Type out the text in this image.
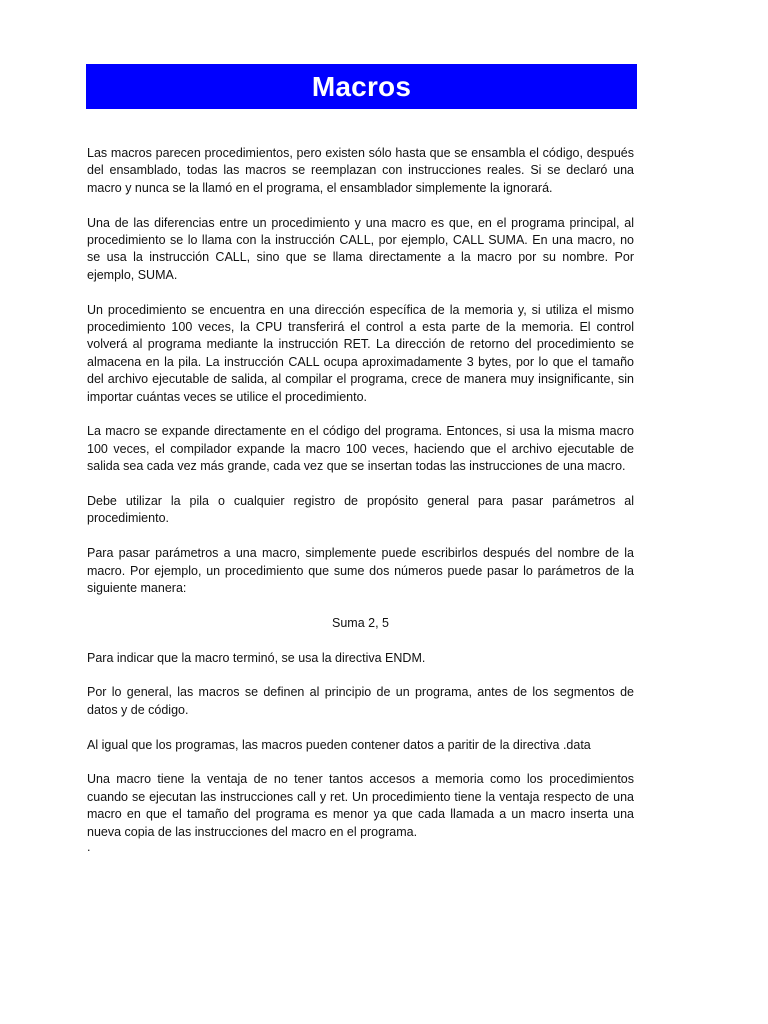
Macros

Las macros parecen procedimientos, pero existen sólo hasta que se ensambla el código, después del ensamblado, todas las macros se reemplazan con instrucciones reales. Si se declaró una macro y nunca se la llamó en el programa, el ensamblador simplemente la ignorará.

Una de las diferencias entre un procedimiento y una macro es que, en el programa principal, al procedimiento se lo llama con la instrucción CALL, por ejemplo, CALL SUMA. En una macro, no se usa la instrucción CALL, sino que se llama directamente a la macro por su nombre. Por ejemplo, SUMA.

Un procedimiento se encuentra en una dirección específica de la memoria y, si utiliza el mismo procedimiento 100 veces, la CPU transferirá el control a esta parte de la memoria. El control volverá al programa mediante la instrucción RET. La dirección de retorno del procedimiento se almacena en la pila. La instrucción CALL ocupa aproximadamente 3 bytes, por lo que el tamaño del archivo ejecutable de salida, al compilar el programa, crece de manera muy insignificante, sin importar cuántas veces se utilice el procedimiento.

La macro se expande directamente en el código del programa. Entonces, si usa la misma macro 100 veces, el compilador expande la macro 100 veces, haciendo que el archivo ejecutable de salida sea cada vez más grande, cada vez que se insertan todas las instrucciones de una macro.

Debe utilizar la pila o cualquier registro de propósito general para pasar parámetros al procedimiento.

Para pasar parámetros a una macro, simplemente puede escribirlos después del nombre de la macro. Por ejemplo, un procedimiento que sume dos números puede pasar lo parámetros de la siguiente manera:

Suma 2, 5

Para indicar que la macro terminó, se usa la directiva ENDM.

Por lo general, las macros se definen al principio de un programa, antes de los segmentos de datos y de código.

Al igual que los programas, las macros pueden contener datos a paritir de la directiva .data

Una macro tiene la ventaja de no tener tantos accesos a memoria como los procedimientos cuando se ejecutan las instrucciones call y ret. Un procedimiento tiene la ventaja respecto de una macro en que el tamaño del programa es menor ya que cada llamada a un macro inserta una nueva copia de las instrucciones del macro en el programa.

.
